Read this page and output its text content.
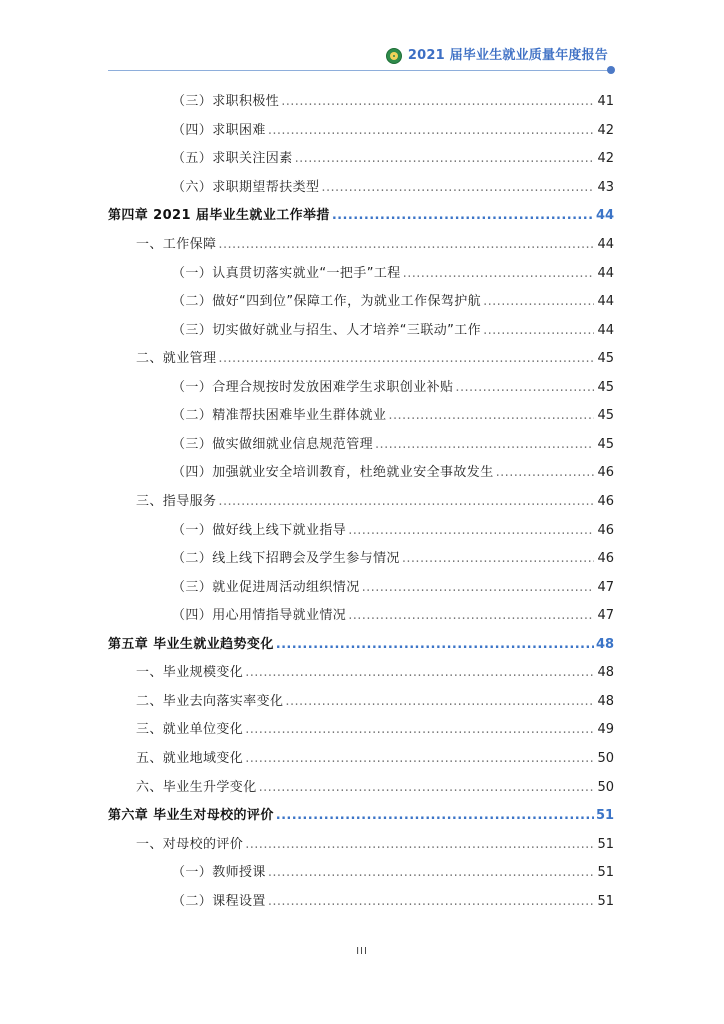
2021 届毕业生就业质量年度报告
（三）求职积极性 .....	41
（四）求职困难 .....	42
（五）求职关注因素 .....	42
（六）求职期望帮扶类型 .....	43
第四章 2021 届毕业生就业工作举措 .....	44
一、工作保障 .....	44
（一）认真贯切落实就业“一把手”工程 .....	44
（二）做好“四到位”保障工作，为就业工作保驾护航 .....	44
（三）切实做好就业与招生、人才培养“三联动”工作 .....	44
二、就业管理 .....	45
（一）合理合规按时发放困难学生求职创业补贴 .....	45
（二）精准帮扶困难毕业生群体就业 .....	45
（三）做实做细就业信息规范管理 .....	45
（四）加强就业安全培训教育，杜绝就业安全事故发生 .....	46
三、指导服务 .....	46
（一）做好线上线下就业指导 .....	46
（二）线上线下招聘会及学生参与情况 .....	46
（三）就业促进周活动组织情况 .....	47
（四）用心用情指导就业情况 .....	47
第五章 毕业生就业趋势变化 .....	48
一、毕业规模变化 .....	48
二、毕业去向落实率变化 .....	48
三、就业单位变化 .....	49
五、就业地域变化 .....	50
六、毕业生升学变化 .....	50
第六章 毕业生对母校的评价 .....	51
一、对母校的评价 .....	51
（一）教师授课 .....	51
（二）课程设置 .....	51
III
